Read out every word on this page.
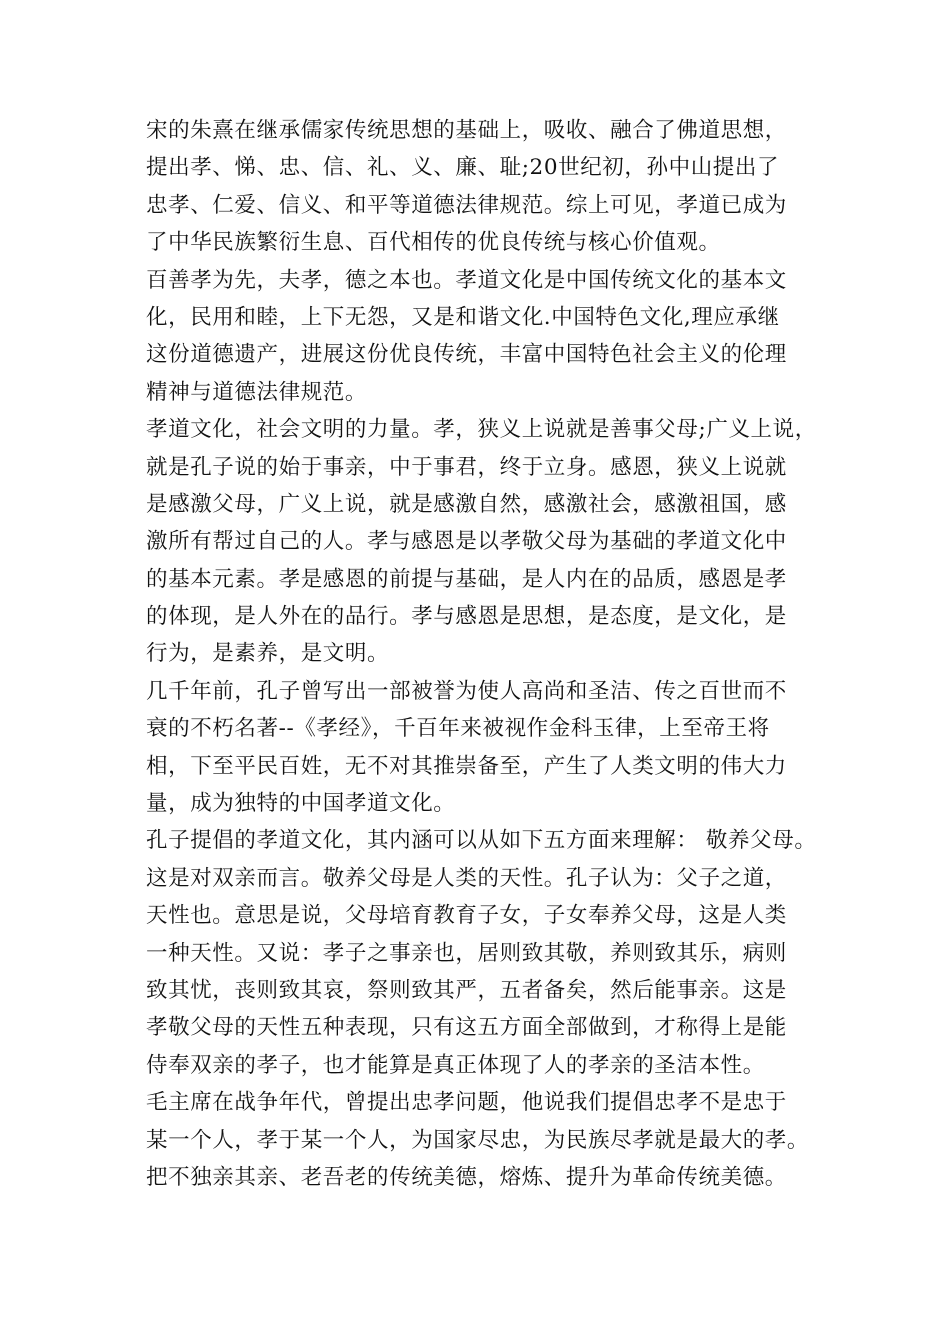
宋的朱熹在继承儒家传统思想的基础上，吸收、融合了佛道思想，
提出孝、悌、忠、信、礼、义、廉、耻;20世纪初，孙中山提出了
忠孝、仁爱、信义、和平等道德法律规范。综上可见，孝道已成为
了中华民族繁衍生息、百代相传的优良传统与核心价值观。
百善孝为先，夫孝，德之本也。孝道文化是中国传统文化的基本文
化，民用和睦，上下无怨，又是和谐文化.中国特色文化,理应承继
这份道德遗产，进展这份优良传统，丰富中国特色社会主义的伦理
精神与道德法律规范。
孝道文化，社会文明的力量。孝，狭义上说就是善事父母;广义上说，
就是孔子说的始于事亲，中于事君，终于立身。感恩，狭义上说就
是感激父母，广义上说，就是感激自然，感激社会，感激祖国，感
激所有帮过自己的人。孝与感恩是以孝敬父母为基础的孝道文化中
的基本元素。孝是感恩的前提与基础，是人内在的品质，感恩是孝
的体现，是人外在的品行。孝与感恩是思想，是态度，是文化，是
行为，是素养，是文明。
几千年前，孔子曾写出一部被誉为使人高尚和圣洁、传之百世而不
衰的不朽名著--《孝经》，千百年来被视作金科玉律，上至帝王将
相，下至平民百姓，无不对其推崇备至，产生了人类文明的伟大力
量，成为独特的中国孝道文化。
孔子提倡的孝道文化，其内涵可以从如下五方面来理解： 敬养父母。
这是对双亲而言。敬养父母是人类的天性。孔子认为：父子之道，
天性也。意思是说，父母培育教育子女，子女奉养父母，这是人类
一种天性。又说：孝子之事亲也，居则致其敬，养则致其乐，病则
致其忧，丧则致其哀，祭则致其严，五者备矣，然后能事亲。这是
孝敬父母的天性五种表现，只有这五方面全部做到，才称得上是能
侍奉双亲的孝子，也才能算是真正体现了人的孝亲的圣洁本性。
毛主席在战争年代，曾提出忠孝问题，他说我们提倡忠孝不是忠于
某一个人，孝于某一个人，为国家尽忠，为民族尽孝就是最大的孝。
把不独亲其亲、老吾老的传统美德，熔炼、提升为革命传统美德。
